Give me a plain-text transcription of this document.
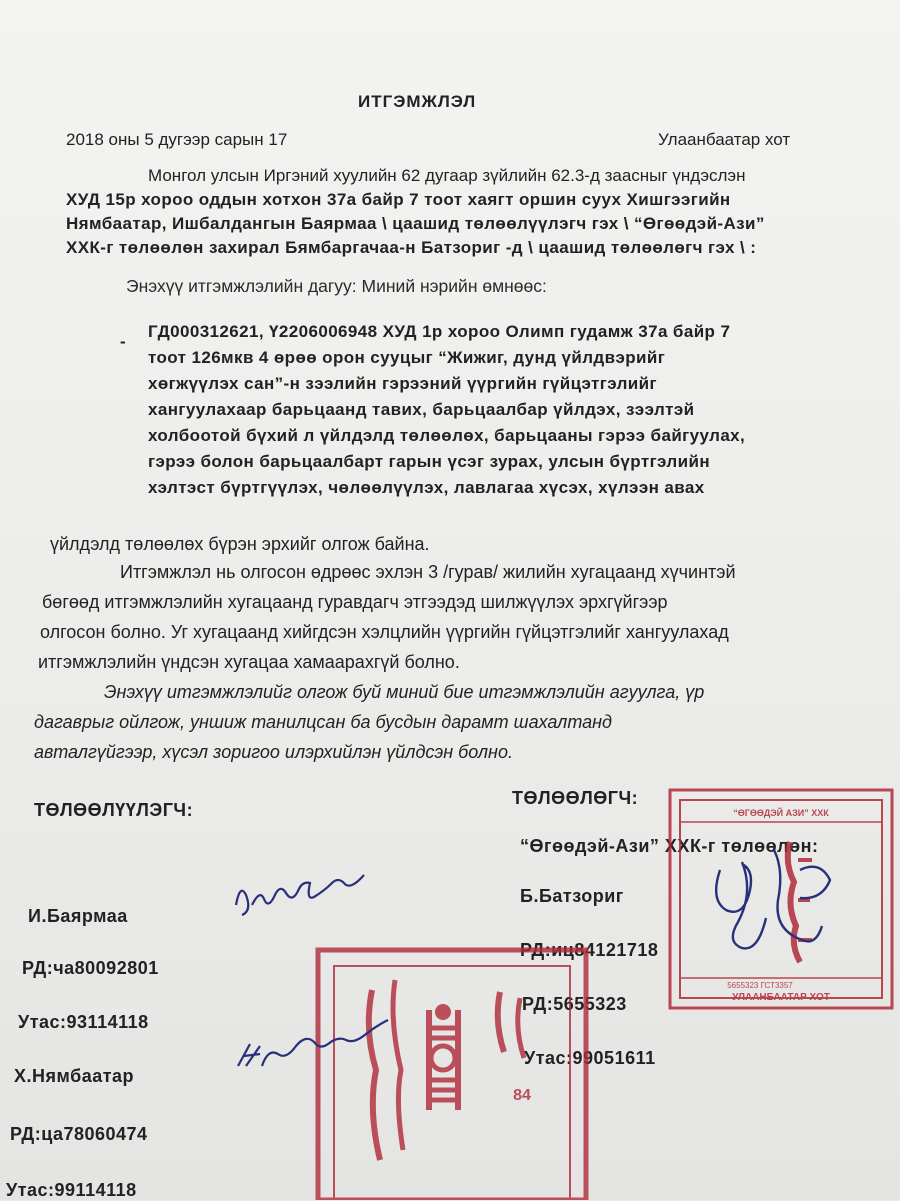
ИТГЭМЖЛЭЛ
2018 оны 5 дугээр сарын 17	Улаанбаатар хот
Монгол улсын Иргэний хуулийн 62 дугаар зүйлийн 62.3-д заасныг үндэслэн
ХУД 15р хороо оддын хотхон 37а байр 7 тоот хаягт оршин суух Хишгээгийн
Нямбаатар, Ишбалдангын Баярмаа \ цаашид төлөөлүүлэгч гэх \ “Өгөөдэй-Ази”
ХХК-г төлөөлөн захирал Бямбаргачаа-н Батзориг -д \ цаашид төлөөлөгч гэх \ :
Энэхүү итгэмжлэлийн дагуу: Миний нэрийн өмнөөс:
-
ГД000312621, Ү2206006948 ХУД 1р хороо Олимп гудамж 37а байр 7
тоот 126мкв 4 өрөө орон сууцыг “Жижиг, дунд үйлдвэрийг
хөгжүүлэх сан”-н зээлийн гэрээний үүргийн гүйцэтгэлийг
хангуулахаар барьцаанд тавих, барьцаалбар үйлдэх, зээлтэй
холбоотой бүхий л үйлдэлд төлөөлөх, барьцааны гэрээ байгуулах,
гэрээ болон барьцаалбарт гарын үсэг зурах, улсын бүртгэлийн
хэлтэст бүртгүүлэх, чөлөөлүүлэх, лавлагаа хүсэх, хүлээн авах
үйлдэлд төлөөлөх бүрэн эрхийг олгож байна.
Итгэмжлэл нь олгосон өдрөөс эхлэн 3 /гурав/ жилийн хугацаанд хүчинтэй
бөгөөд итгэмжлэлийн хугацаанд гуравдагч этгээдэд шилжүүлэх эрхгүйгээр
олгосон болно. Уг хугацаанд хийгдсэн хэлцлийн үүргийн гүйцэтгэлийг хангуулахад
итгэмжлэлийн үндсэн хугацаа хамаарахгүй болно.
Энэхүү итгэмжлэлийг олгож буй миний бие итгэмжлэлийн агуулга, үр
дагаврыг ойлгож, уншиж танилцсан ба бусдын дарамт шахалтанд
авталгүйгээр, хүсэл зоригоо илэрхийлэн үйлдсэн болно.
ТӨЛӨӨЛҮҮЛЭГЧ:
И.Баярмаа
РД:ча80092801
Утас:93114118
Х.Нямбаатар
РД:ца78060474
Утас:99114118
ТӨЛӨӨЛӨГЧ:
“Өгөөдэй-Ази” ХХК-г төлөөлөн:
Б.Батзориг
РД:иц84121718
РД:5655323
Утас:99051611
“ӨГӨӨДЭЙ АЗИ” ХХК
5655323 ГСТ3357
УЛААНБААТАР ХОТ
84
